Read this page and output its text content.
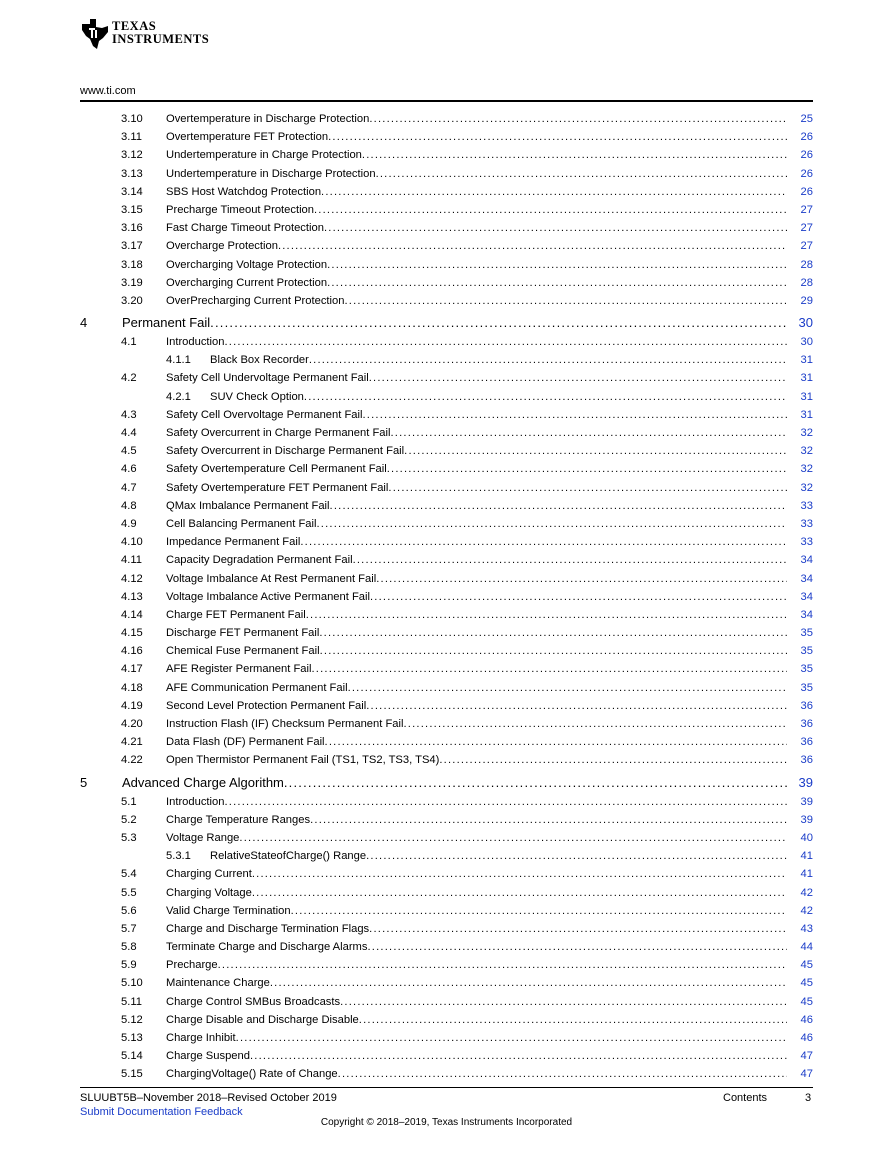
TEXAS
INSTRUMENTS
www.ti.com
3.10 Overtemperature in Discharge Protection .....	25
3.11 Overtemperature FET Protection .....	26
3.12 Undertemperature in Charge Protection .....	26
3.13 Undertemperature in Discharge Protection .....	26
3.14 SBS Host Watchdog Protection .....	26
3.15 Precharge Timeout Protection .....	27
3.16 Fast Charge Timeout Protection .....	27
3.17 Overcharge Protection .....	27
3.18 Overcharging Voltage Protection .....	28
3.19 Overcharging Current Protection .....	28
3.20 OverPrecharging Current Protection .....	29
4	Permanent Fail .....	30
4.1	Introduction .....	30
4.1.1 Black Box Recorder .....	31
4.2	Safety Cell Undervoltage Permanent Fail .....	31
4.2.1 SUV Check Option .....	31
4.3	Safety Cell Overvoltage Permanent Fail .....	31
4.4	Safety Overcurrent in Charge Permanent Fail .....	32
4.5	Safety Overcurrent in Discharge Permanent Fail .....	32
4.6	Safety Overtemperature Cell Permanent Fail .....	32
4.7	Safety Overtemperature FET Permanent Fail .....	32
4.8	QMax Imbalance Permanent Fail .....	33
4.9	Cell Balancing Permanent Fail .....	33
4.10 Impedance Permanent Fail .....	33
4.11 Capacity Degradation Permanent Fail .....	34
4.12 Voltage Imbalance At Rest Permanent Fail .....	34
4.13 Voltage Imbalance Active Permanent Fail .....	34
4.14 Charge FET Permanent Fail .....	34
4.15 Discharge FET Permanent Fail .....	35
4.16 Chemical Fuse Permanent Fail .....	35
4.17 AFE Register Permanent Fail .....	35
4.18 AFE Communication Permanent Fail .....	35
4.19 Second Level Protection Permanent Fail .....	36
4.20 Instruction Flash (IF) Checksum Permanent Fail .....	36
4.21 Data Flash (DF) Permanent Fail .....	36
4.22 Open Thermistor Permanent Fail (TS1, TS2, TS3, TS4) .....	36
5	Advanced Charge Algorithm .....	39
5.1	Introduction .....	39
5.2	Charge Temperature Ranges .....	39
5.3	Voltage Range .....	40
5.3.1 RelativeStateofCharge() Range .....	41
5.4	Charging Current .....	41
5.5	Charging Voltage .....	42
5.6	Valid Charge Termination .....	42
5.7	Charge and Discharge Termination Flags .....	43
5.8	Terminate Charge and Discharge Alarms .....	44
5.9	Precharge .....	45
5.10 Maintenance Charge .....	45
5.11 Charge Control SMBus Broadcasts .....	45
5.12 Charge Disable and Discharge Disable .....	46
5.13 Charge Inhibit .....	46
5.14 Charge Suspend .....	47
5.15 ChargingVoltage() Rate of Change .....	47
SLUUBT5B–November 2018–Revised October 2019
Submit Documentation Feedback
Contents	3
Copyright © 2018–2019, Texas Instruments Incorporated
